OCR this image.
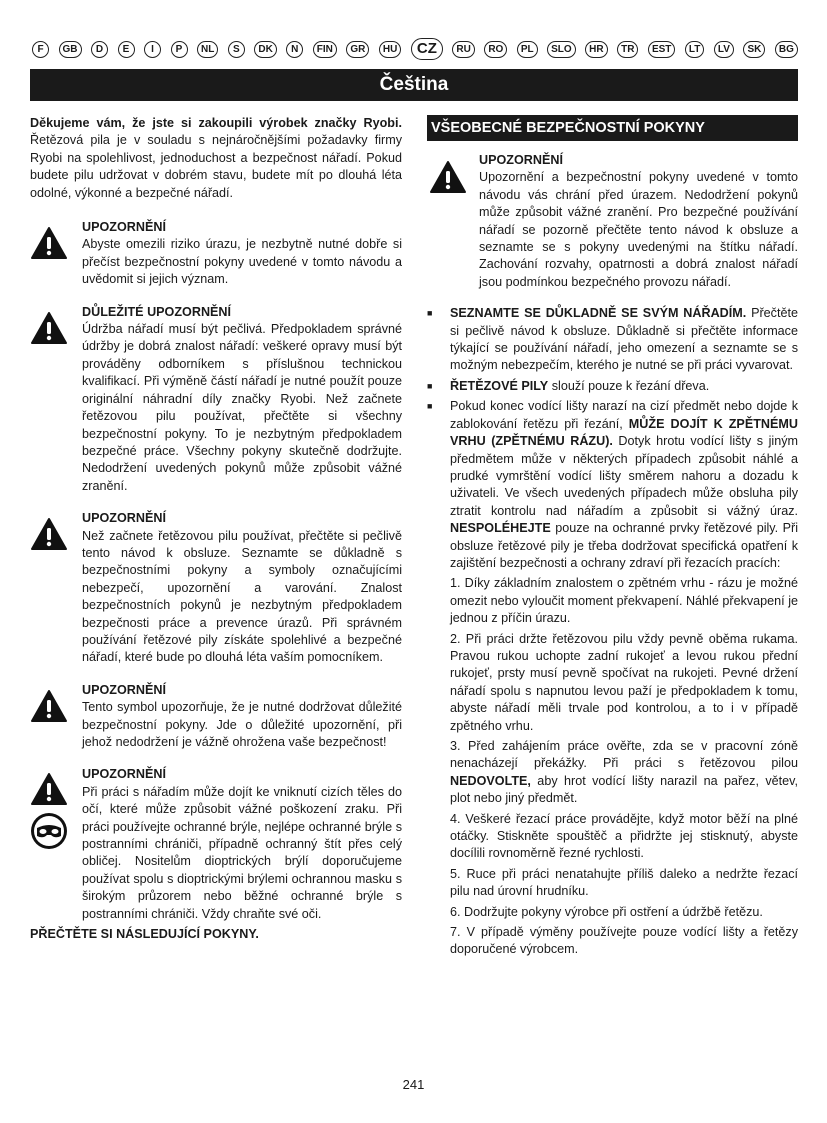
F	GB	D	E	I	P	NL	S	DK	N	FIN	GR	HU	CZ	RU	RO	PL	SLO	HR	TR	EST	LT	LV	SK	BG
Čeština

Děkujeme vám, že jste si zakoupili výrobek značky Ryobi. Řetězová pila je v souladu s nejnáročnějšími požadavky firmy Ryobi na spolehlivost, jednoduchost a bezpečnost nářadí. Pokud budete pilu udržovat v dobrém stavu, budete mít po dlouhá léta odolné, výkonné a bezpečné nářadí.

UPOZORNĚNÍ

Abyste omezili riziko úrazu, je nezbytně nutné dobře si přečíst bezpečnostní pokyny uvedené v tomto návodu a uvědomit si jejich význam.

DŮLEŽITÉ UPOZORNĚNÍ

Údržba nářadí musí být pečlivá. Předpokladem správné údržby je dobrá znalost nářadí: veškeré opravy musí být prováděny odborníkem s příslušnou technickou kvalifikací. Při výměně částí nářadí je nutné použít pouze originální náhradní díly značky Ryobi. Než začnete řetězovou pilu používat, přečtěte si všechny bezpečnostní pokyny. To je nezbytným předpokladem bezpečné práce. Všechny pokyny skutečně dodržujte. Nedodržení uvedených pokynů může způsobit vážné zranění.

UPOZORNĚNÍ

Než začnete řetězovou pilu používat, přečtěte si pečlivě tento návod k obsluze. Seznamte se důkladně s bezpečnostními pokyny a symboly označujícími nebezpečí, upozornění a varování. Znalost bezpečnostních pokynů je nezbytným předpokladem bezpečnosti práce a prevence úrazů. Při správném používání řetězové pily získáte spolehlivé a bezpečné nářadí, které bude po dlouhá léta vaším pomocníkem.

UPOZORNĚNÍ

Tento symbol upozorňuje, že je nutné dodržovat důležité bezpečnostní pokyny. Jde o důležité upozornění, při jehož nedodržení je vážně ohrožena vaše bezpečnost!

UPOZORNĚNÍ

Při práci s nářadím může dojít ke vniknutí cizích těles do očí, které může způsobit vážné poškození zraku. Při práci používejte ochranné brýle, nejlépe ochranné brýle s postranními chrániči, případně ochranný štít přes celý obličej. Nositelům dioptrických brýlí doporučujeme používat spolu s dioptrickými brýlemi ochrannou masku s širokým průzorem nebo běžné ochranné brýle s postranními chrániči. Vždy chraňte své oči.

PŘEČTĚTE SI NÁSLEDUJÍCÍ POKYNY.

VŠEOBECNÉ BEZPEČNOSTNÍ POKYNY
UPOZORNĚNÍ

Upozornění a bezpečnostní pokyny uvedené v tomto návodu vás chrání před úrazem. Nedodržení pokynů může způsobit vážné zranění. Pro bezpečné používání nářadí se pozorně přečtěte tento návod k obsluze a seznamte se s pokyny uvedenými na štítku nářadí. Zachování rozvahy, opatrnosti a dobrá znalost nářadí jsou podmínkou bezpečného provozu nářadí.

■ SEZNAMTE SE DŮKLADNĚ SE SVÝM NÁŘADÍM. Přečtěte si pečlivě návod k obsluze. Důkladně si přečtěte informace týkající se používání nářadí, jeho omezení a seznamte se s možným nebezpečím, kterého je nutné se při práci vyvarovat.
■ ŘETĚZOVÉ PILY slouží pouze k řezání dřeva.
■ Pokud konec vodící lišty narazí na cizí předmět nebo dojde k zablokování řetězu při řezání, MŮŽE DOJÍT K ZPĚTNÉMU VRHU (ZPĚTNÉMU RÁZU). Dotyk hrotu vodící lišty s jiným předmětem může v některých případech způsobit náhlé a prudké vymrštění vodící lišty směrem nahoru a dozadu k uživateli. Ve všech uvedených případech může obsluha pily ztratit kontrolu nad nářadím a způsobit si vážný úraz. NESPOLÉHEJTE pouze na ochranné prvky řetězové pily. Při obsluze řetězové pily je třeba dodržovat specifická opatření k zajištění bezpečnosti a ochrany zdraví při řezacích pracích:

1. Díky základním znalostem o zpětném vrhu - rázu je možné omezit nebo vyloučit moment překvapení. Náhlé překvapení je jednou z příčin úrazu.

2. Při práci držte řetězovou pilu vždy pevně oběma rukama. Pravou rukou uchopte zadní rukojeť a levou rukou přední rukojeť, prsty musí pevně spočívat na rukojeti. Pevné držení nářadí spolu s napnutou levou paží je předpokladem k tomu, abyste nářadí měli trvale pod kontrolou, a to i v případě zpětného vrhu.

3. Před zahájením práce ověřte, zda se v pracovní zóně nenacházejí překážky. Při práci s řetězovou pilou NEDOVOLTE, aby hrot vodící lišty narazil na pařez, větev, plot nebo jiný předmět.

4. Veškeré řezací práce provádějte, když motor běží na plné otáčky. Stiskněte spouštěč a přidržte jej stisknutý, abyste docílili rovnoměrně řezné rychlosti.

5. Ruce při práci nenatahujte příliš daleko a nedržte řezací pilu nad úrovní hrudníku.

6. Dodržujte pokyny výrobce při ostření a údržbě řetězu.

7. V případě výměny používejte pouze vodící lišty a řetězy doporučené výrobcem.

241
